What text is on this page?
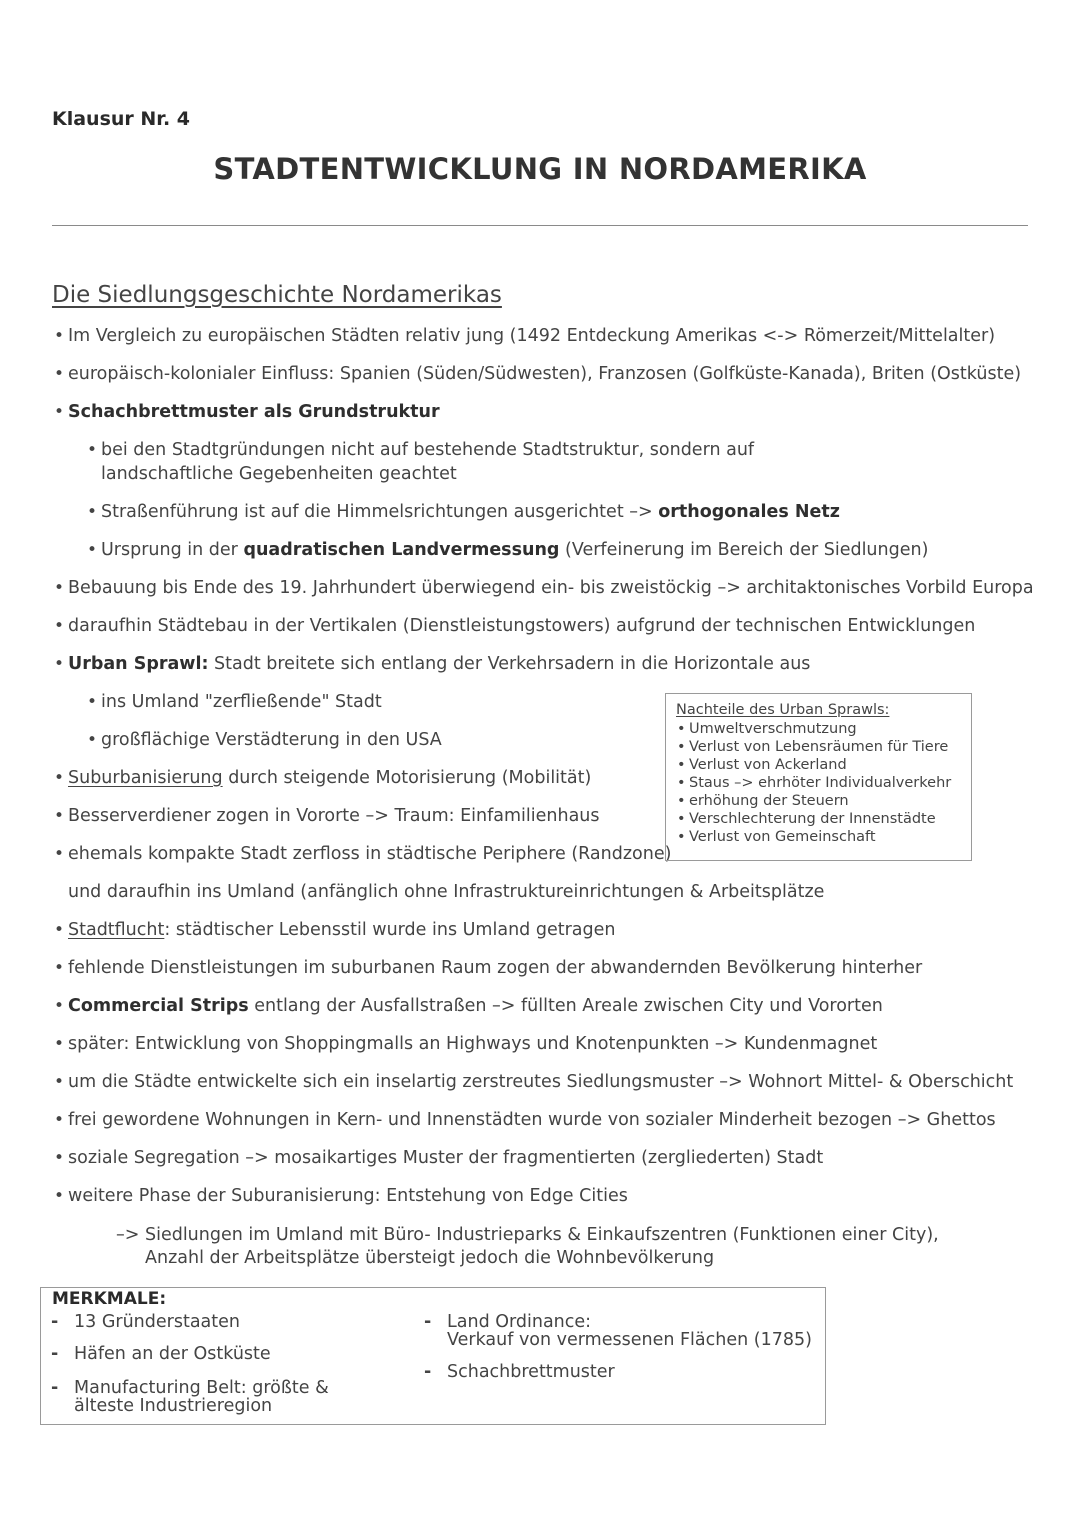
Klausur Nr. 4
STADTENTWICKLUNG IN NORDAMERIKA
Die Siedlungsgeschichte Nordamerikas
• Im Vergleich zu europäischen Städten relativ jung (1492 Entdeckung Amerikas <-> Römerzeit/Mittelalter)
• europäisch-kolonialer Einfluss: Spanien (Süden/Südwesten), Franzosen (Golfküste-Kanada), Briten (Ostküste)
• Schachbrettmuster als Grundstruktur
• bei den Stadtgründungen nicht auf bestehende Stadtstruktur, sondern auf
landschaftliche Gegebenheiten geachtet
• Straßenführung ist auf die Himmelsrichtungen ausgerichtet –> orthogonales Netz
• Ursprung in der quadratischen Landvermessung (Verfeinerung im Bereich der Siedlungen)
• Bebauung bis Ende des 19. Jahrhundert überwiegend ein- bis zweistöckig –> architaktonisches Vorbild Europa
• daraufhin Städtebau in der Vertikalen (Dienstleistungstowers) aufgrund der technischen Entwicklungen
• Urban Sprawl: Stadt breitete sich entlang der Verkehrsadern in die Horizontale aus
• ins Umland "zerfließende" Stadt
• großflächige Verstädterung in den USA
• Suburbanisierung durch steigende Motorisierung (Mobilität)
• Besserverdiener zogen in Vororte –> Traum: Einfamilienhaus
• ehemals kompakte Stadt zerfloss in städtische Periphere (Randzone)
und daraufhin ins Umland (anfänglich ohne Infrastruktureinrichtungen & Arbeitsplätze
• Stadtflucht: städtischer Lebensstil wurde ins Umland getragen
• fehlende Dienstleistungen im suburbanen Raum zogen der abwandernden Bevölkerung hinterher
• Commercial Strips entlang der Ausfallstraßen –> füllten Areale zwischen City und Vororten
• später: Entwicklung von Shoppingmalls an Highways und Knotenpunkten –> Kundenmagnet
• um die Städte entwickelte sich ein inselartig zerstreutes Siedlungsmuster –> Wohnort Mittel- & Oberschicht
• frei gewordene Wohnungen in Kern- und Innenstädten wurde von sozialer Minderheit bezogen –> Ghettos
• soziale Segregation –> mosaikartiges Muster der fragmentierten (zergliederten) Stadt
• weitere Phase der Suburanisierung: Entstehung von Edge Cities
–> Siedlungen im Umland mit Büro- Industrieparks & Einkaufszentren (Funktionen einer City),
Anzahl der Arbeitsplätze übersteigt jedoch die Wohnbevölkerung
Nachteile des Urban Sprawls:
• Umweltverschmutzung
• Verlust von Lebensräumen für Tiere
• Verlust von Ackerland
• Staus –> ehrhöter Individualverkehr
• erhöhung der Steuern
• Verschlechterung der Innenstädte
• Verlust von Gemeinschaft
MERKMALE:
- 13 Gründerstaaten
- Häfen an der Ostküste
- Manufacturing Belt: größte &
älteste Industrieregion
- Land Ordinance:
Verkauf von vermessenen Flächen (1785)
- Schachbrettmuster
